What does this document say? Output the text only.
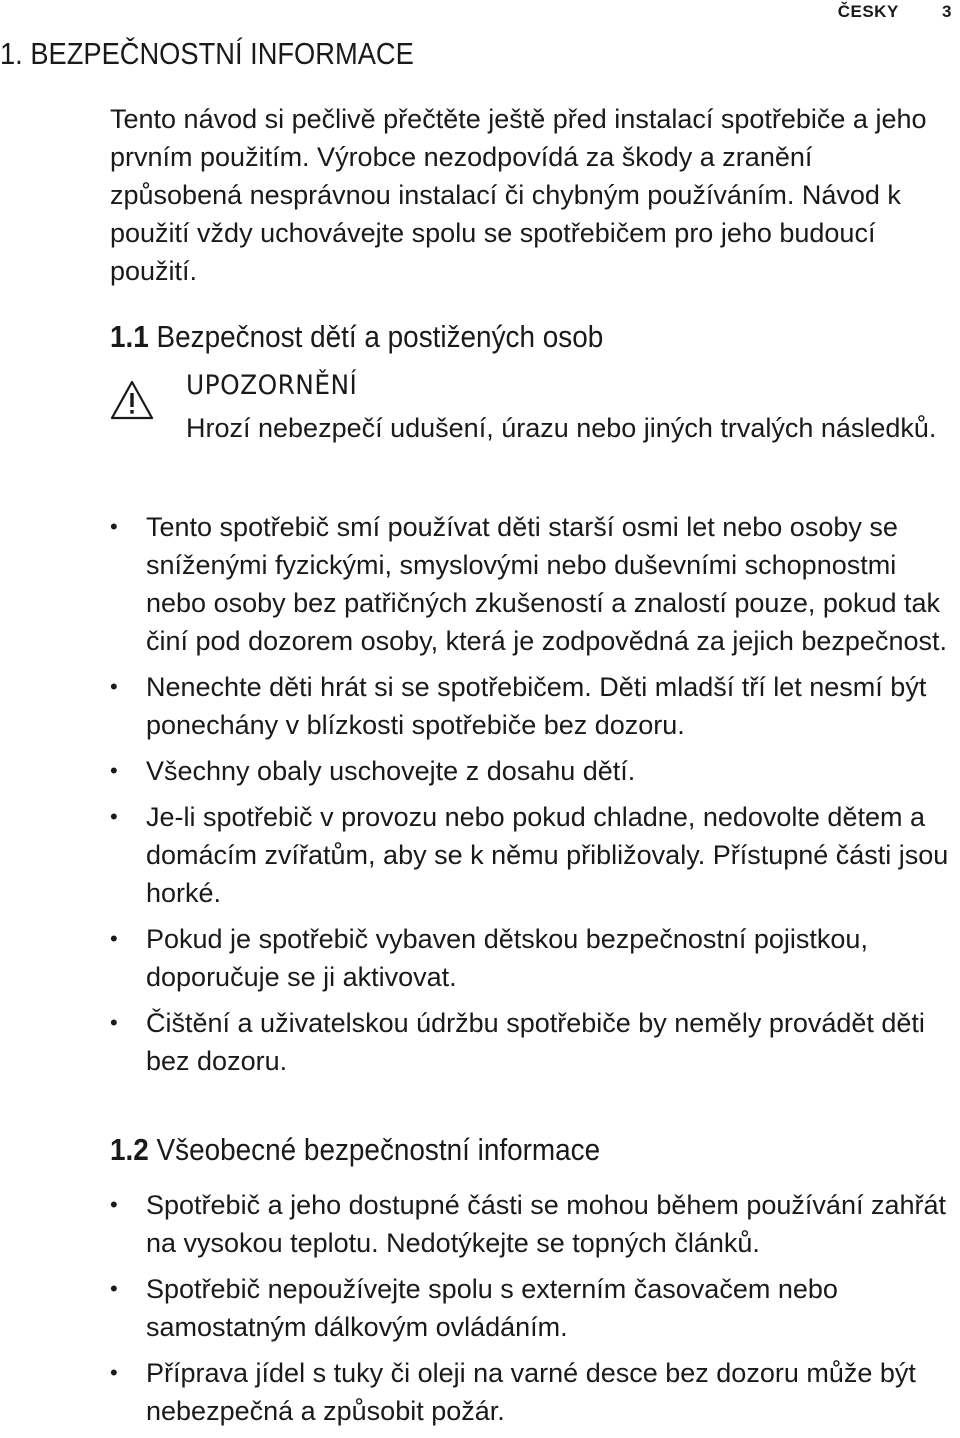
ČESKY	3
1. BEZPEČNOSTNÍ INFORMACE

Tento návod si pečlivě přečtěte ještě před instalací spotřebiče a jeho prvním použitím. Výrobce nezodpovídá za škody a zranění způsobená nesprávnou instalací či chybným používáním. Návod k použití vždy uchovávejte spolu se spotřebičem pro jeho budoucí použití.

1.1 Bezpečnost dětí a postižených osob
UPOZORNĚNÍ

Hrozí nebezpečí udušení, úrazu nebo jiných trvalých následků.

• Tento spotřebič smí používat děti starší osmi let nebo osoby se sníženými fyzickými, smyslovými nebo duševními schopnostmi nebo osoby bez patřičných zkušeností a znalostí pouze, pokud tak činí pod dozorem osoby, která je zodpovědná za jejich bezpečnost.
• Nenechte děti hrát si se spotřebičem. Děti mladší tří let nesmí být ponechány v blízkosti spotřebiče bez dozoru.
• Všechny obaly uschovejte z dosahu dětí.
• Je-li spotřebič v provozu nebo pokud chladne, nedovolte dětem a domácím zvířatům, aby se k němu přibližovaly. Přístupné části jsou horké.
• Pokud je spotřebič vybaven dětskou bezpečnostní pojistkou, doporučuje se ji aktivovat.
• Čištění a uživatelskou údržbu spotřebiče by neměly provádět děti bez dozoru.
1.2 Všeobecné bezpečnostní informace
• Spotřebič a jeho dostupné části se mohou během používání zahřát na vysokou teplotu. Nedotýkejte se topných článků.
• Spotřebič nepoužívejte spolu s externím časovačem nebo samostatným dálkovým ovládáním.
• Příprava jídel s tuky či oleji na varné desce bez dozoru může být nebezpečná a způsobit požár.
